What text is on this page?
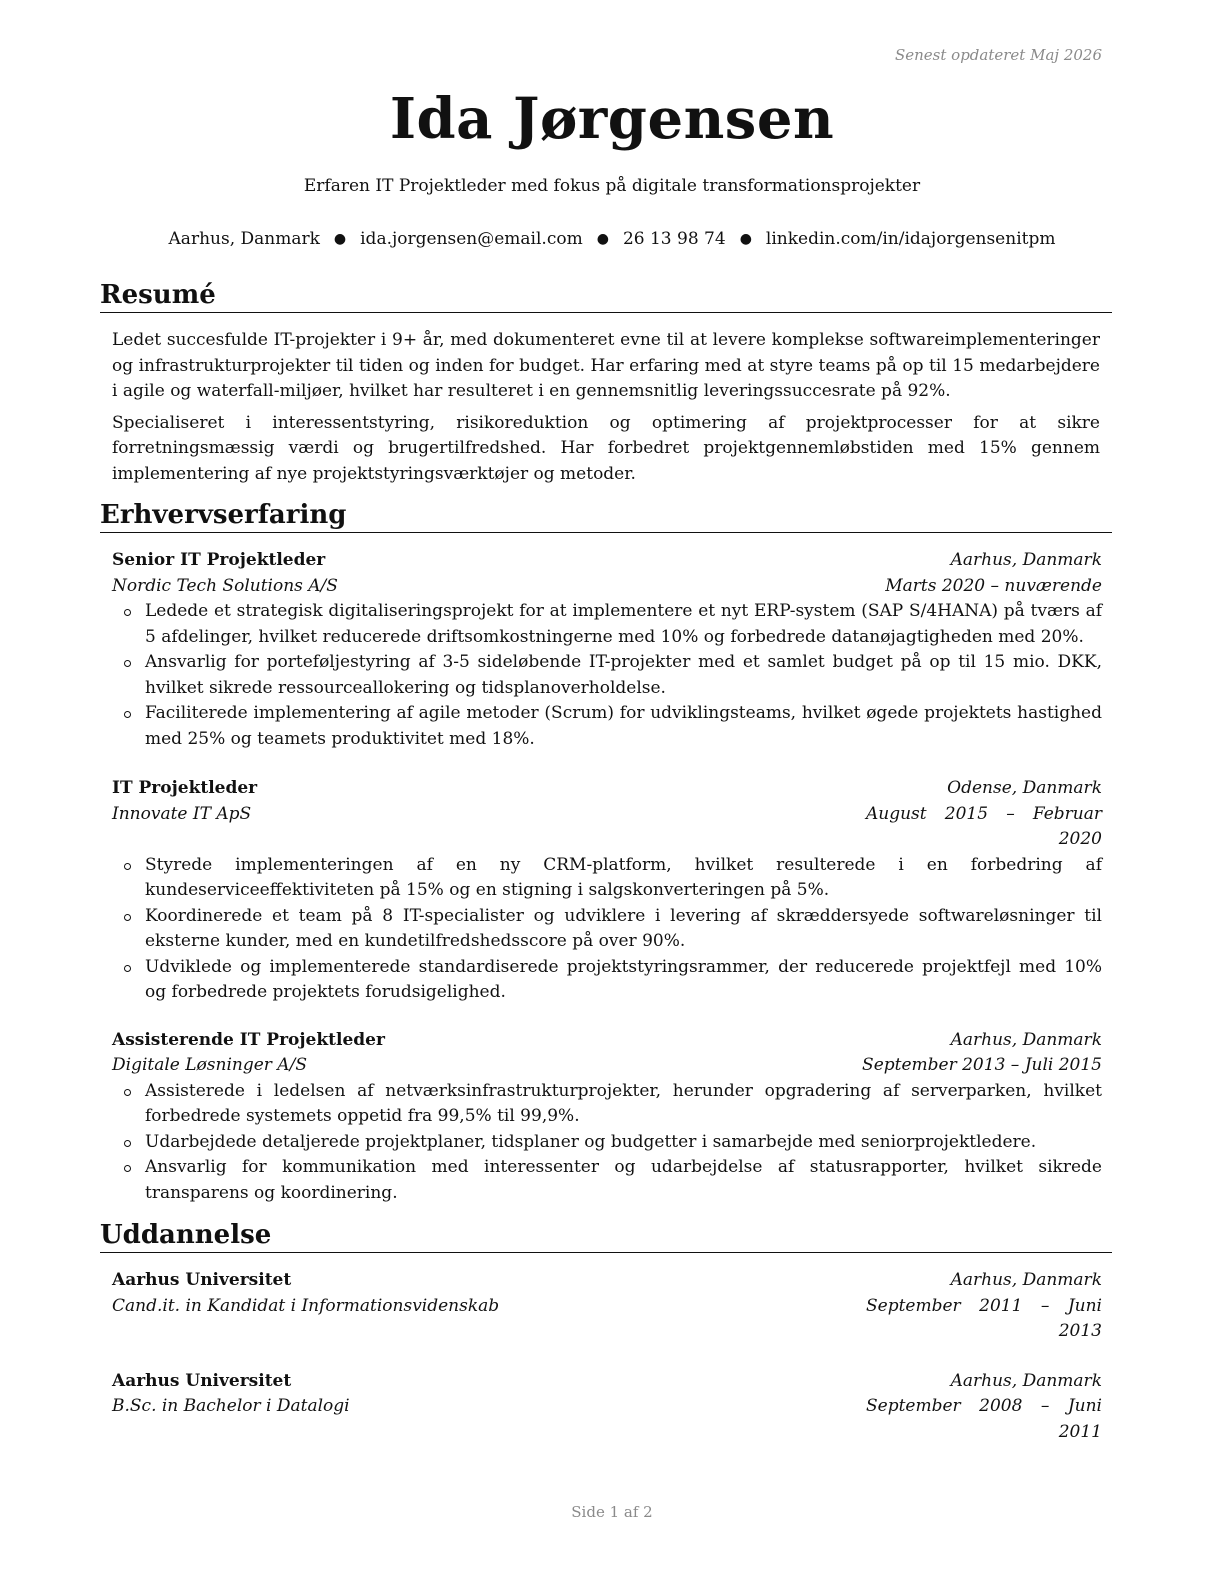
Senest opdateret Maj 2026
Ida Jørgensen
Erfaren IT Projektleder med fokus på digitale transformationsprojekter
Aarhus, Danmark ● ida.jorgensen@email.com ● 26 13 98 74 ● linkedin.com/in/idajorgensenitpm
Resumé

Ledet succesfulde IT-projekter i 9+ år, med dokumenteret evne til at levere komplekse softwareimplementeringer og infrastrukturprojekter til tiden og inden for budget. Har erfaring med at styre teams på op til 15 medarbejdere i agile og waterfall-miljøer, hvilket har resulteret i en gennemsnitlig leveringssuccesrate på 92%.

Specialiseret i interessentstyring, risikoreduktion og optimering af projektprocesser for at sikre forretningsmæssig værdi og brugertilfredshed. Har forbedret projektgennemløbstiden med 15% gennem implementering af nye projektstyringsværktøjer og metoder.

Erhvervserfaring
Senior IT Projektleder	Aarhus, Danmark
Nordic Tech Solutions A/S	Marts 2020 – nuværende
Ledede et strategisk digitaliseringsprojekt for at implementere et nyt ERP-system (SAP S/4HANA) på tværs af 5 afdelinger, hvilket reducerede driftsomkostningerne med 10% og forbedrede datanøjagtigheden med 20%.
Ansvarlig for porteføljestyring af 3-5 sideløbende IT-projekter med et samlet budget på op til 15 mio. DKK, hvilket sikrede ressourceallokering og tidsplanoverholdelse.
Faciliterede implementering af agile metoder (Scrum) for udviklingsteams, hvilket øgede projektets hastighed med 25% og teamets produktivitet med 18%.
IT Projektleder	Odense, Danmark
Innovate IT ApS	August 2015 – Februar 2020
Styrede implementeringen af en ny CRM-platform, hvilket resulterede i en forbedring af kundeserviceeffektiviteten på 15% og en stigning i salgskonverteringen på 5%.
Koordinerede et team på 8 IT-specialister og udviklere i levering af skræddersyede softwareløsninger til eksterne kunder, med en kundetilfredshedsscore på over 90%.
Udviklede og implementerede standardiserede projektstyringsrammer, der reducerede projektfejl med 10% og forbedrede projektets forudsigelighed.
Assisterende IT Projektleder	Aarhus, Danmark
Digitale Løsninger A/S	September 2013 – Juli 2015
Assisterede i ledelsen af netværksinfrastrukturprojekter, herunder opgradering af serverparken, hvilket forbedrede systemets oppetid fra 99,5% til 99,9%.
Udarbejdede detaljerede projektplaner, tidsplaner og budgetter i samarbejde med seniorprojektledere.
Ansvarlig for kommunikation med interessenter og udarbejdelse af statusrapporter, hvilket sikrede transparens og koordinering.
Uddannelse
Aarhus Universitet	Aarhus, Danmark
Cand.it. in Kandidat i Informationsvidenskab	September 2011 – Juni 2013
Aarhus Universitet	Aarhus, Danmark
B.Sc. in Bachelor i Datalogi	September 2008 – Juni 2011
Side 1 af 2
